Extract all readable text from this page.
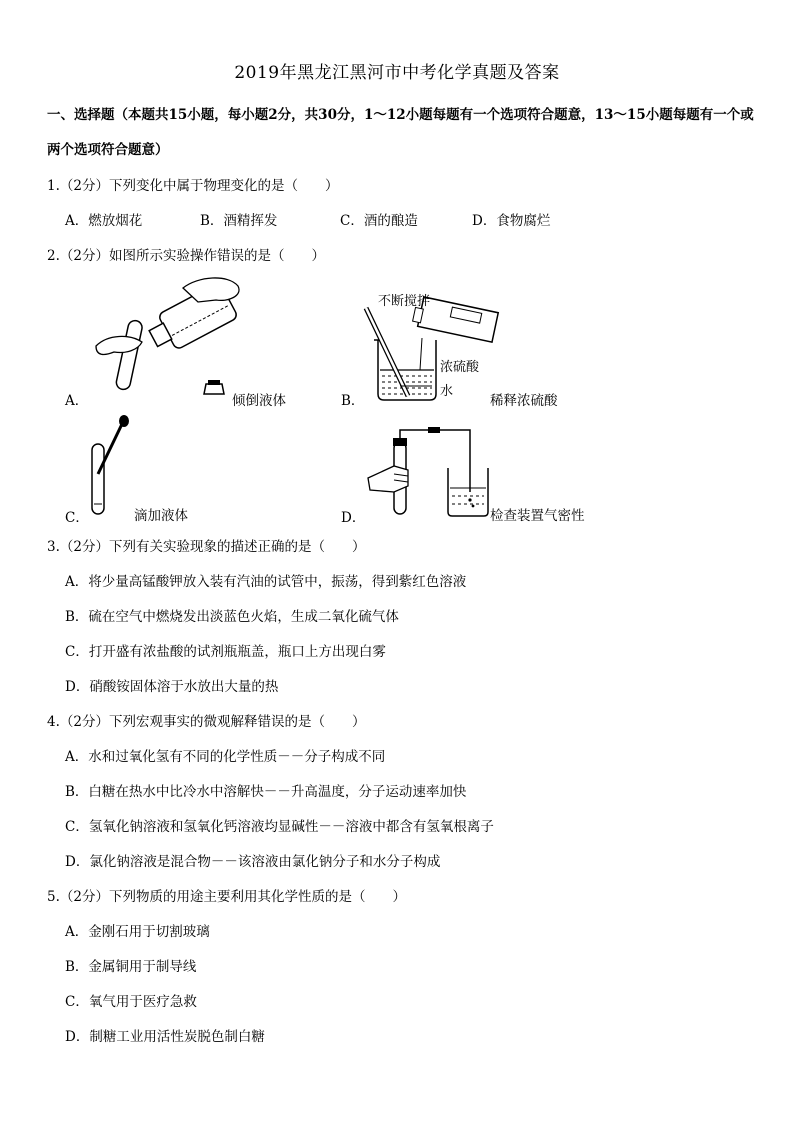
2019年黑龙江黑河市中考化学真题及答案
一、选择题（本题共15小题，每小题2分，共30分，1～12小题每题有一个选项符合题意，13～15小题每题有一个或两个选项符合题意）
1.（2分）下列变化中属于物理变化的是（　　）
A．燃放烟花	B．酒精挥发	C．酒的酿造	D．食物腐烂
2.（2分）如图所示实验操作错误的是（　　）
A．	倾倒液体
不断搅拌
浓硫酸
水
B．	稀释浓硫酸
C．	滴加液体	D．	检查装置气密性
3.（2分）下列有关实验现象的描述正确的是（　　）
A．将少量高锰酸钾放入装有汽油的试管中，振荡，得到紫红色溶液
B．硫在空气中燃烧发出淡蓝色火焰，生成二氧化硫气体
C．打开盛有浓盐酸的试剂瓶瓶盖，瓶口上方出现白雾
D．硝酸铵固体溶于水放出大量的热
4.（2分）下列宏观事实的微观解释错误的是（　　）
A．水和过氧化氢有不同的化学性质－－分子构成不同
B．白糖在热水中比冷水中溶解快－－升高温度，分子运动速率加快
C．氢氧化钠溶液和氢氧化钙溶液均显碱性－－溶液中都含有氢氧根离子
D．氯化钠溶液是混合物－－该溶液由氯化钠分子和水分子构成
5.（2分）下列物质的用途主要利用其化学性质的是（　　）
A．金刚石用于切割玻璃
B．金属铜用于制导线
C．氧气用于医疗急救
D．制糖工业用活性炭脱色制白糖
